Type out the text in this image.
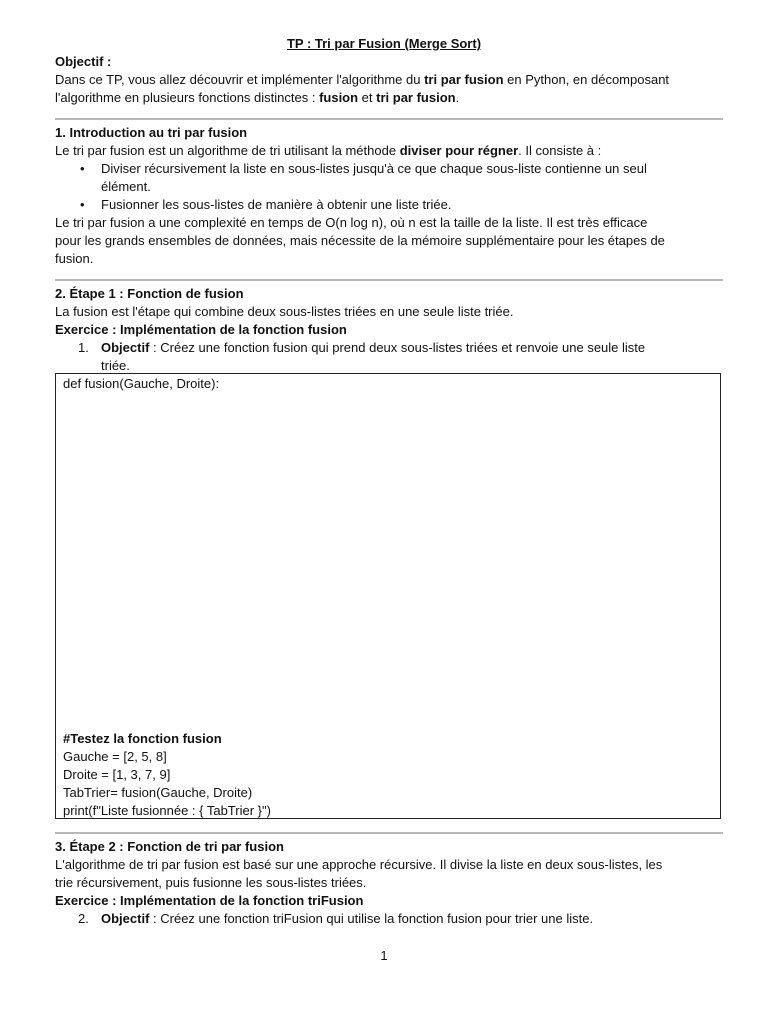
TP : Tri par Fusion (Merge Sort)
Objectif :
Dans ce TP, vous allez découvrir et implémenter l'algorithme du tri par fusion en Python, en décomposant
l'algorithme en plusieurs fonctions distinctes : fusion et tri par fusion.
1. Introduction au tri par fusion
Le tri par fusion est un algorithme de tri utilisant la méthode diviser pour régner. Il consiste à :
• Diviser récursivement la liste en sous-listes jusqu'à ce que chaque sous-liste contienne un seul
élément.
• Fusionner les sous-listes de manière à obtenir une liste triée.
Le tri par fusion a une complexité en temps de O(n log n), où n est la taille de la liste. Il est très efficace
pour les grands ensembles de données, mais nécessite de la mémoire supplémentaire pour les étapes de
fusion.
2. Étape 1 : Fonction de fusion
La fusion est l'étape qui combine deux sous-listes triées en une seule liste triée.
Exercice : Implémentation de la fonction fusion
1. Objectif : Créez une fonction fusion qui prend deux sous-listes triées et renvoie une seule liste
triée.
def fusion(Gauche, Droite):
#Testez la fonction fusion
Gauche = [2, 5, 8]
Droite = [1, 3, 7, 9]
TabTrier= fusion(Gauche, Droite)
print(f"Liste fusionnée : { TabTrier }")
3. Étape 2 : Fonction de tri par fusion
L'algorithme de tri par fusion est basé sur une approche récursive. Il divise la liste en deux sous-listes, les
trie récursivement, puis fusionne les sous-listes triées.
Exercice : Implémentation de la fonction triFusion
2. Objectif : Créez une fonction triFusion qui utilise la fonction fusion pour trier une liste.
1
